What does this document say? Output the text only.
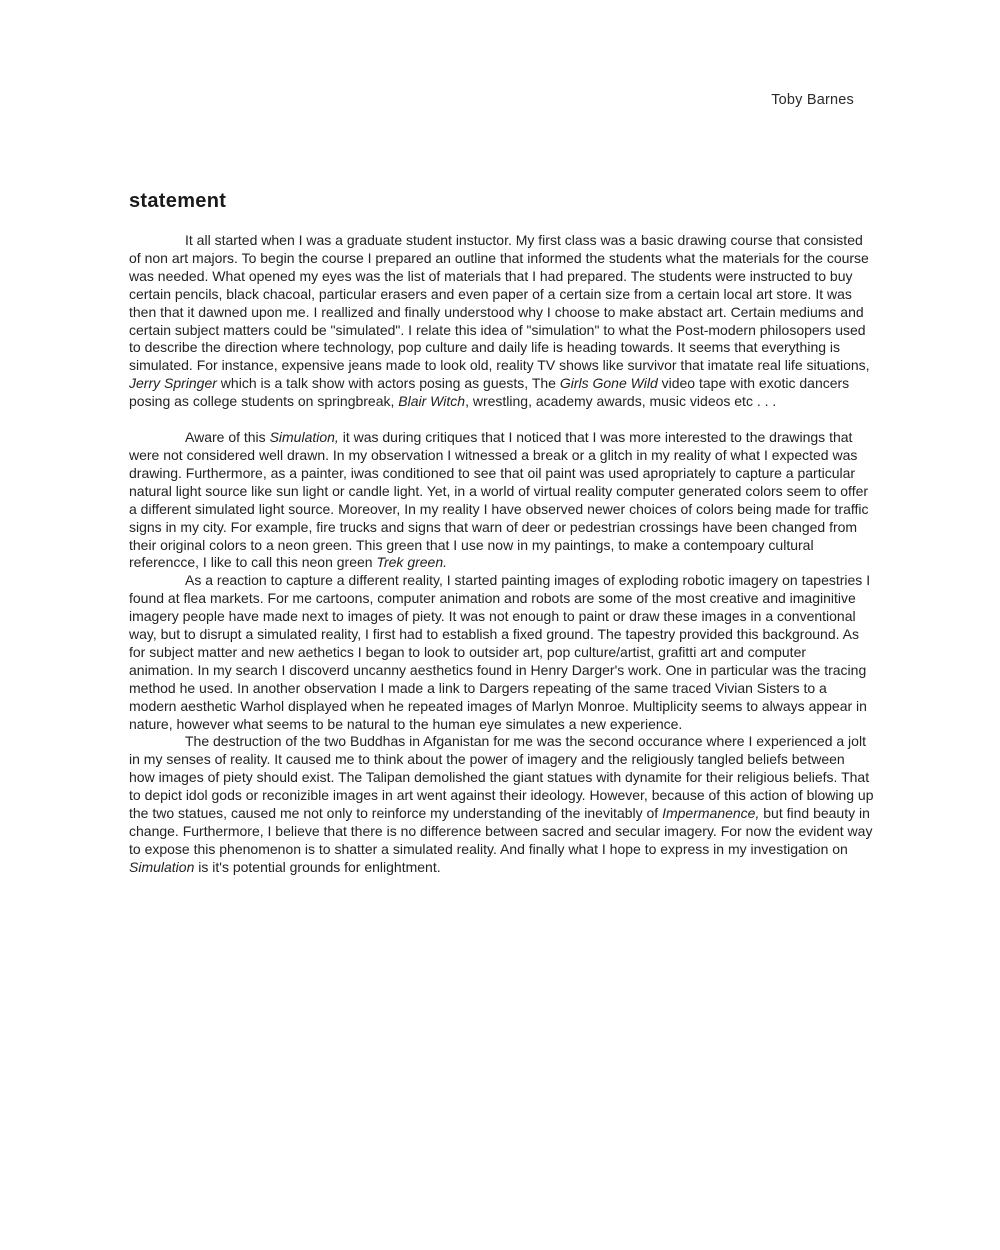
Toby Barnes
statement

It all started when I was a graduate student instuctor. My first class was a basic drawing course that consisted of non art majors. To begin the course I prepared an outline that informed the students what the materials for the course was needed. What opened my eyes was the list of materials that I had prepared. The students were instructed to buy certain pencils, black chacoal, particular erasers and even paper of a certain size from a certain local art store. It was then that it dawned upon me. I reallized and finally understood why I choose to make abstact art. Certain mediums and certain subject matters could be "simulated". I relate this idea of "simulation" to what the Post-modern philosopers used to describe the direction where technology, pop culture and daily life is heading towards. It seems that everything is simulated. For instance, expensive jeans made to look old, reality TV shows like survivor that imatate real life situations, Jerry Springer which is a talk show with actors posing as guests, The Girls Gone Wild video tape with exotic dancers posing as college students on springbreak, Blair Witch, wrestling, academy awards, music videos etc . . .

Aware of this Simulation, it was during critiques that I noticed that I was more interested to the drawings that were not considered well drawn. In my observation I witnessed a break or a glitch in my reality of what I expected was drawing. Furthermore, as a painter, iwas conditioned to see that oil paint was used apropriately to capture a particular natural light source like sun light or candle light. Yet, in a world of virtual reality computer generated colors seem to offer a different simulated light source. Moreover, In my reality I have observed newer choices of colors being made for traffic signs in my city. For example, fire trucks and signs that warn of deer or pedestrian crossings have been changed from their original colors to a neon green. This green that I use now in my paintings, to make a contempoary cultural referencce, I like to call this neon green Trek green.

As a reaction to capture a different reality, I started painting images of exploding robotic imagery on tapestries I found at flea markets. For me cartoons, computer animation and robots are some of the most creative and imaginitive imagery people have made next to images of piety. It was not enough to paint or draw these images in a conventional way, but to disrupt a simulated reality, I first had to establish a fixed ground. The tapestry provided this background. As for subject matter and new aethetics I began to look to outsider art, pop culture/artist, grafitti art and computer animation. In my search I discoverd uncanny aesthetics found in Henry Darger's work. One in particular was the tracing method he used. In another observation I made a link to Dargers repeating of the same traced Vivian Sisters to a modern aesthetic Warhol displayed when he repeated images of Marlyn Monroe. Multiplicity seems to always appear in nature, however what seems to be natural to the human eye simulates a new experience.

The destruction of the two Buddhas in Afganistan for me was the second occurance where I experienced a jolt in my senses of reality. It caused me to think about the power of imagery and the religiously tangled beliefs between how images of piety should exist. The Talipan demolished the giant statues with dynamite for their religious beliefs. That to depict idol gods or reconizible images in art went against their ideology. However, because of this action of blowing up the two statues, caused me not only to reinforce my understanding of the inevitably of Impermanence, but find beauty in change. Furthermore, I believe that there is no difference between sacred and secular imagery. For now the evident way to expose this phenomenon is to shatter a simulated reality. And finally what I hope to express in my investigation on Simulation is it's potential grounds for enlightment.
